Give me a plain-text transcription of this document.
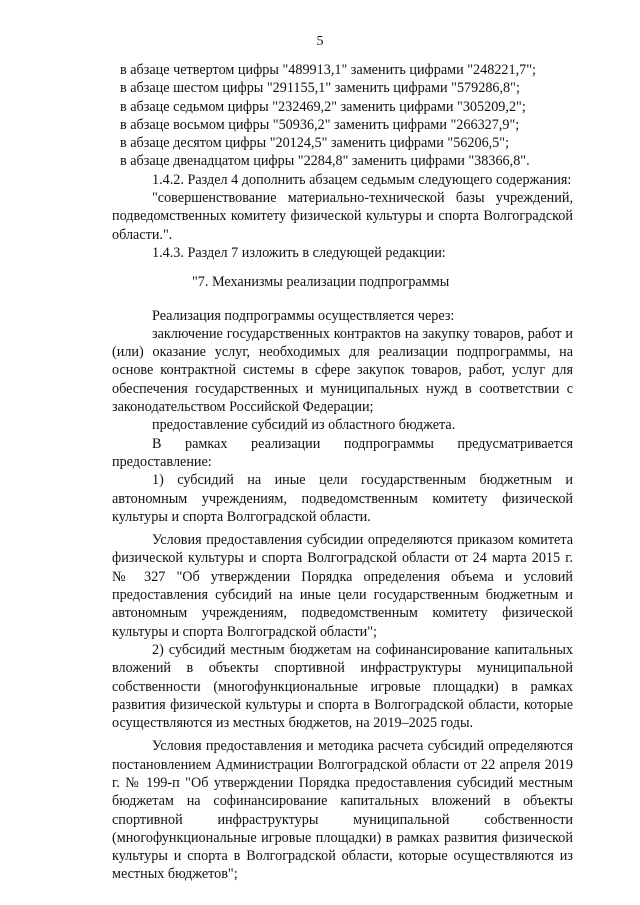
5

в абзаце четвертом цифры "489913,1" заменить цифрами "248221,7";

в абзаце шестом цифры "291155,1" заменить цифрами "579286,8";

в абзаце седьмом цифры "232469,2" заменить цифрами "305209,2";

в абзаце восьмом цифры "50936,2" заменить цифрами "266327,9";

в абзаце десятом цифры "20124,5" заменить цифрами "56206,5";

в абзаце двенадцатом цифры "2284,8" заменить цифрами "38366,8".

1.4.2. Раздел 4 дополнить абзацем седьмым следующего содержания:

"совершенствование материально-технической базы учреждений, подведомственных комитету физической культуры и спорта Волгоградской области.".

1.4.3. Раздел 7 изложить в следующей редакции:

"7. Механизмы реализации подпрограммы

Реализация подпрограммы осуществляется через:

заключение государственных контрактов на закупку товаров, работ и (или) оказание услуг, необходимых для реализации подпрограммы, на основе контрактной системы в сфере закупок товаров, работ, услуг для обеспечения государственных и муниципальных нужд в соответствии с законодательством Российской Федерации;

предоставление субсидий из областного бюджета.

В рамках реализации подпрограммы предусматривается предоставление:

1) субсидий на иные цели государственным бюджетным и автономным учреждениям, подведомственным комитету физической культуры и спорта Волгоградской области.

Условия предоставления субсидии определяются приказом комитета физической культуры и спорта Волгоградской области от 24 марта 2015 г. № 327 "Об утверждении Порядка определения объема и условий предоставления субсидий на иные цели государственным бюджетным и автономным учреждениям, подведомственным комитету физической культуры и спорта Волгоградской области";

2) субсидий местным бюджетам на софинансирование капитальных вложений в объекты спортивной инфраструктуры муниципальной собственности (многофункциональные игровые площадки) в рамках развития физической культуры и спорта в Волгоградской области, которые осуществляются из местных бюджетов, на 2019–2025 годы.

Условия предоставления и методика расчета субсидий определяются постановлением Администрации Волгоградской области от 22 апреля 2019 г. № 199-п "Об утверждении Порядка предоставления субсидий местным бюджетам на софинансирование капитальных вложений в объекты спортивной инфраструктуры муниципальной собственности (многофункциональные игровые площадки) в рамках развития физической культуры и спорта в Волгоградской области, которые осуществляются из местных бюджетов";
